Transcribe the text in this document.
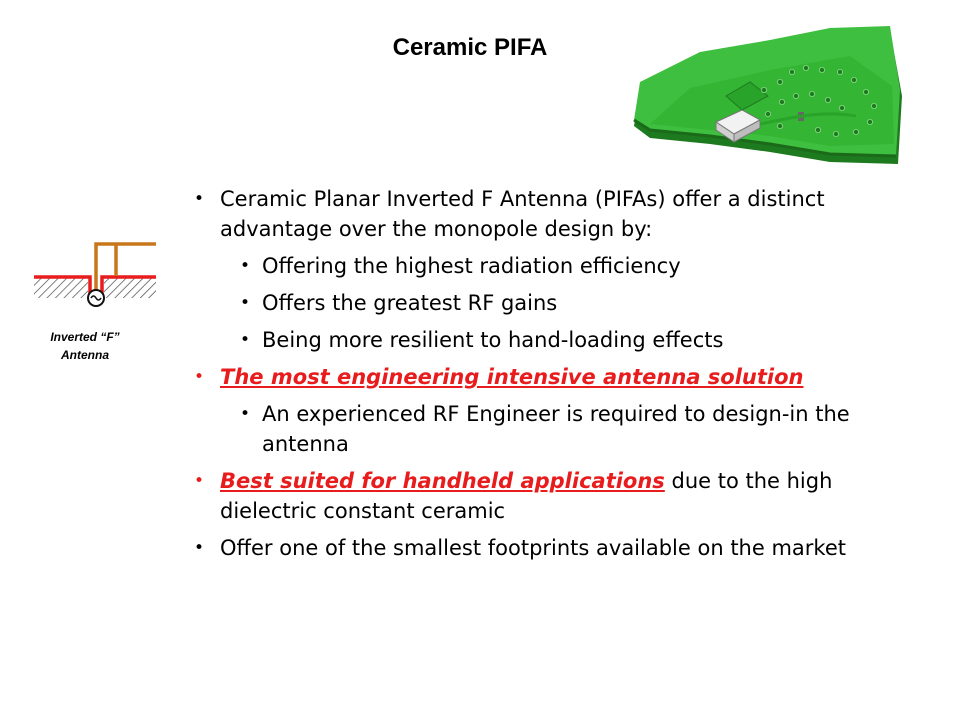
Ceramic PIFA
Inverted “F”
Antenna
• Ceramic Planar Inverted F Antenna (PIFAs) offer a distinct advantage over the monopole design by:
• Offering the highest radiation efficiency
• Offers the greatest RF gains
• Being more resilient to hand-loading effects
• The most engineering intensive antenna solution
• An experienced RF Engineer is required to design-in the antenna
• Best suited for handheld applications due to the high dielectric constant ceramic
• Offer one of the smallest footprints available on the market
